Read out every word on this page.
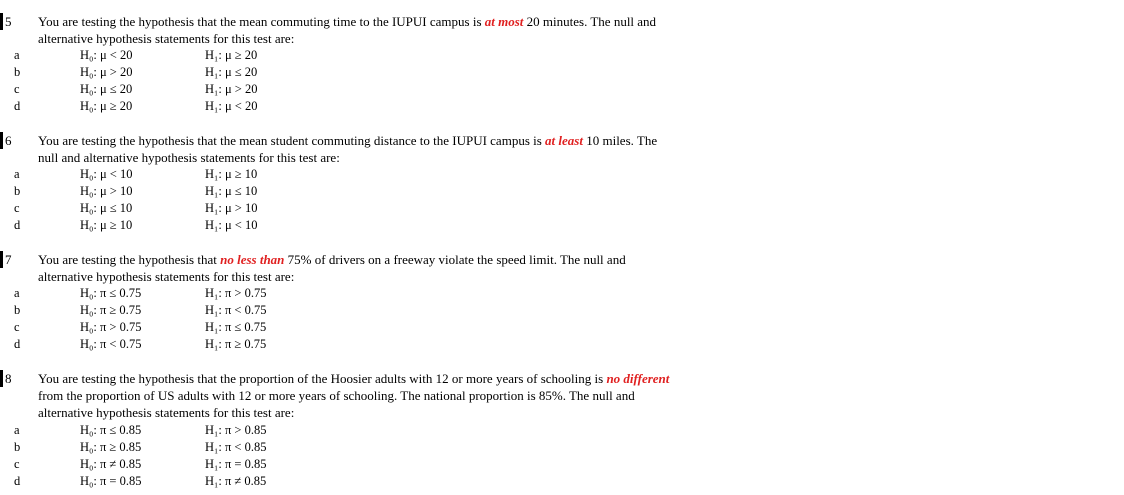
5 You are testing the hypothesis that the mean commuting time to the IUPUI campus is at most 20 minutes. The null and alternative hypothesis statements for this test are:
a	H₀: μ < 20	H₁: μ ≥ 20
b	H₀: μ > 20	H₁: μ ≤ 20
c	H₀: μ ≤ 20	H₁: μ > 20
d	H₀: μ ≥ 20	H₁: μ < 20
6 You are testing the hypothesis that the mean student commuting distance to the IUPUI campus is at least 10 miles. The null and alternative hypothesis statements for this test are:
a	H₀: μ < 10	H₁: μ ≥ 10
b	H₀: μ > 10	H₁: μ ≤ 10
c	H₀: μ ≤ 10	H₁: μ > 10
d	H₀: μ ≥ 10	H₁: μ < 10
7 You are testing the hypothesis that no less than 75% of drivers on a freeway violate the speed limit. The null and alternative hypothesis statements for this test are:
a	H₀: π ≤ 0.75	H₁: π > 0.75
b	H₀: π ≥ 0.75	H₁: π < 0.75
c	H₀: π > 0.75	H₁: π ≤ 0.75
d	H₀: π < 0.75	H₁: π ≥ 0.75
8 You are testing the hypothesis that the proportion of the Hoosier adults with 12 or more years of schooling is no different from the proportion of US adults with 12 or more years of schooling. The national proportion is 85%. The null and alternative hypothesis statements for this test are:
a	H₀: π ≤ 0.85	H₁: π > 0.85
b	H₀: π ≥ 0.85	H₁: π < 0.85
c	H₀: π ≠ 0.85	H₁: π = 0.85
d	H₀: π = 0.85	H₁: π ≠ 0.85
